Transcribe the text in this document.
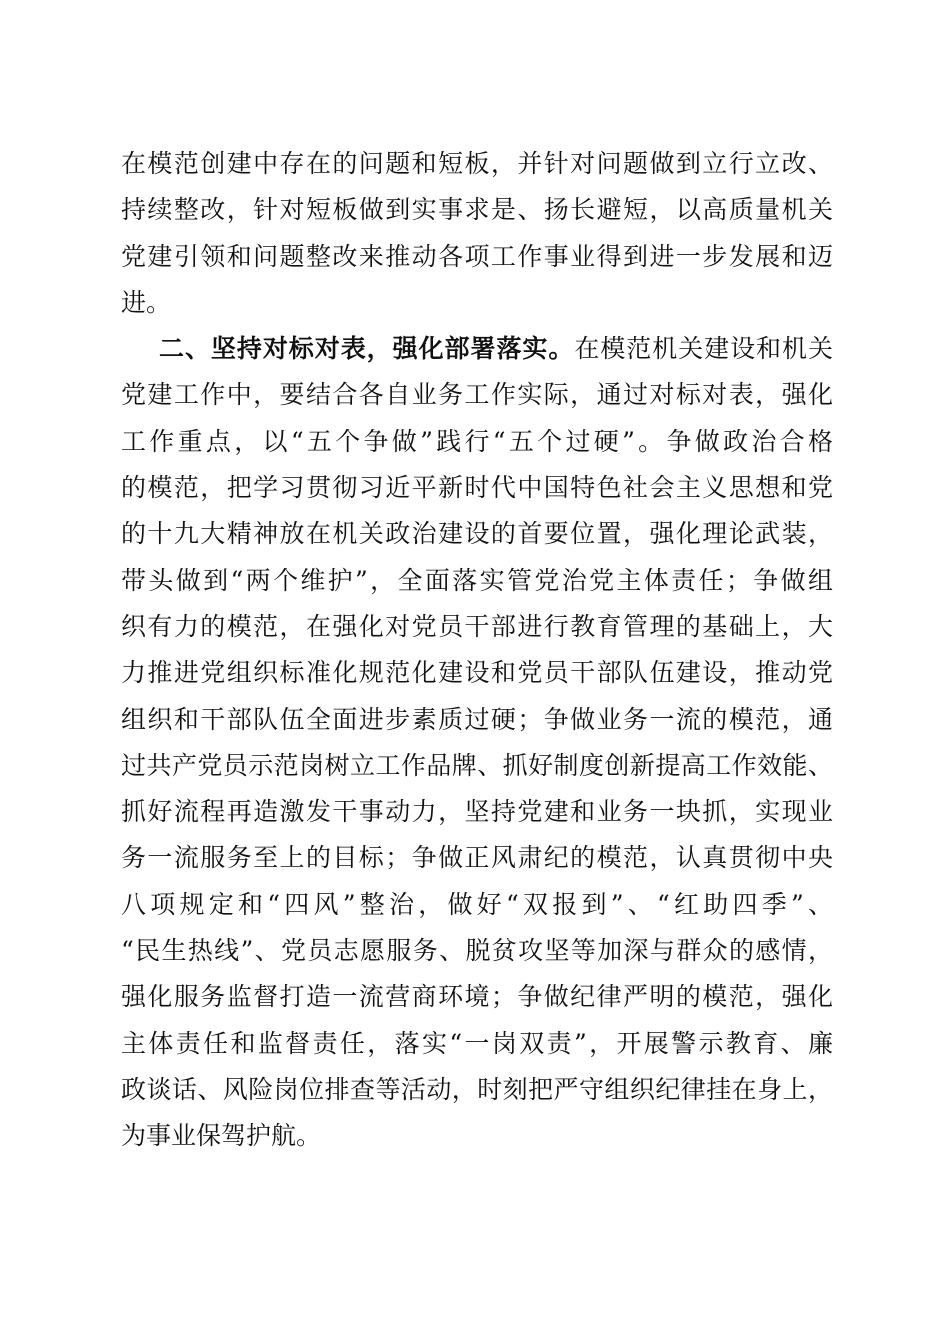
在模范创建中存在的问题和短板，并针对问题做到立行立改、
持续整改，针对短板做到实事求是、扬长避短，以高质量机关
党建引领和问题整改来推动各项工作事业得到进一步发展和迈
进。
二、坚持对标对表，强化部署落实。在模范机关建设和机关
党建工作中，要结合各自业务工作实际，通过对标对表，强化
工作重点，以“五个争做”践行“五个过硬”。争做政治合格
的模范，把学习贯彻习近平新时代中国特色社会主义思想和党
的十九大精神放在机关政治建设的首要位置，强化理论武装，
带头做到“两个维护”，全面落实管党治党主体责任；争做组
织有力的模范，在强化对党员干部进行教育管理的基础上，大
力推进党组织标准化规范化建设和党员干部队伍建设，推动党
组织和干部队伍全面进步素质过硬；争做业务一流的模范，通
过共产党员示范岗树立工作品牌、抓好制度创新提高工作效能、
抓好流程再造激发干事动力，坚持党建和业务一块抓，实现业
务一流服务至上的目标；争做正风肃纪的模范，认真贯彻中央
八项规定和“四风”整治，做好“双报到”、“红助四季”、
“民生热线”、党员志愿服务、脱贫攻坚等加深与群众的感情，
强化服务监督打造一流营商环境；争做纪律严明的模范，强化
主体责任和监督责任，落实“一岗双责”，开展警示教育、廉
政谈话、风险岗位排查等活动，时刻把严守组织纪律挂在身上，
为事业保驾护航。
